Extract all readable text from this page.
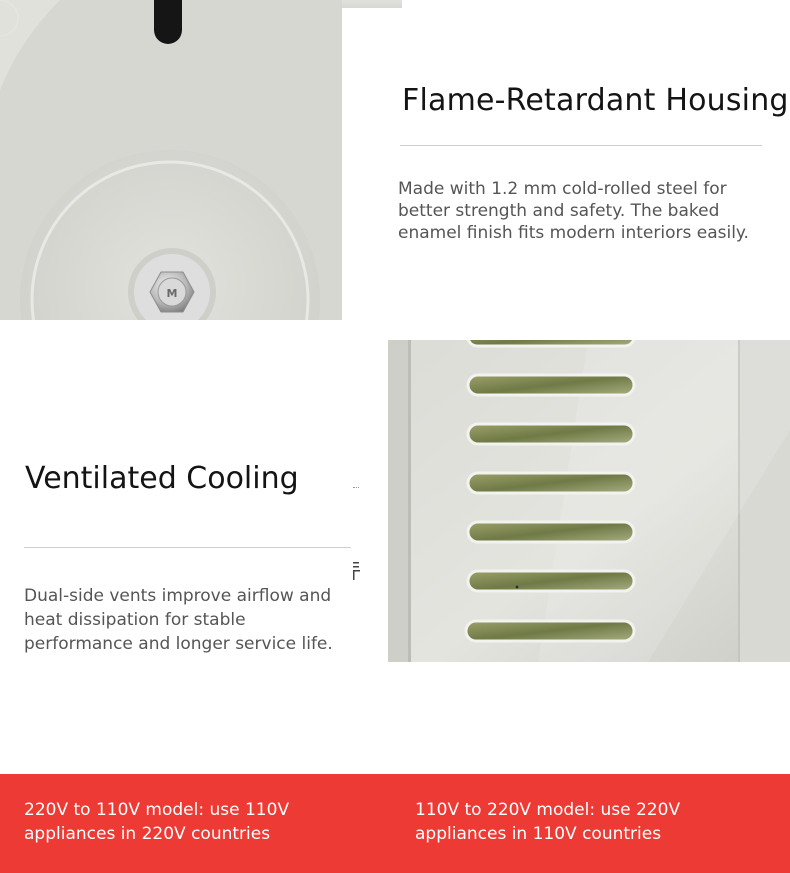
M
Flame-Retardant Housing

Made with 1.2 mm cold-rolled steel for better strength and safety. The baked enamel finish fits modern interiors easily.

Ventilated Cooling

Dual-side vents improve airflow and heat dissipation for stable performance and longer service life.

220V to 110V model: use 110V appliances in 220V countries
110V to 220V model: use 220V appliances in 110V countries
